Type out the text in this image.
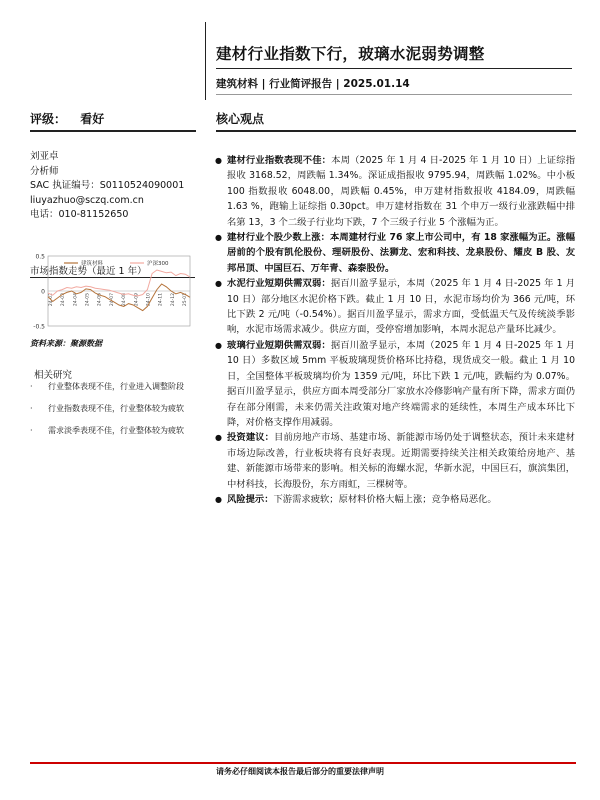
建材行业指数下行，玻璃水泥弱势调整
建筑材料 | 行业简评报告 | 2025.01.14
评级： 看好	核心观点
刘亚卓
分析师
SAC 执证编号：S0110524090001
liuyazhuo@sczq.com.cn
电话：010-81152650
市场指数走势（最近 1 年）
0.5
0
-0.5
24-02 24-03 24-04 24-05 24-06 24-07 24-08 24-09 24-10 24-11 24-12 25-01
建筑材料	沪深300
资料来源：聚源数据
相关研究
·	行业整体表现不佳，行业进入调整阶段
·	行业指数表现不佳，行业整体较为疲软
·	需求淡季表现不佳，行业整体较为疲软
● 建材行业指数表现不佳：本周（2025 年 1 月 4 日-2025 年 1 月 10 日）上证综指报收 3168.52，周跌幅 1.34%。深证成指报收 9795.94，周跌幅 1.02%。中小板 100 指数报收 6048.00，周跌幅 0.45%，申万建材指数报收 4184.09，周跌幅 1.63 %，跑输上证综指 0.30pct。申万建材指数在 31 个申万一级行业涨跌幅中排名第 13，3 个二级子行业均下跌，7 个三级子行业 5 个涨幅为正。
● 建材行业个股少数上涨：本周建材行业 76 家上市公司中，有 18 家涨幅为正。涨幅居前的个股有凯伦股份、理研股份、法狮龙、宏和科技、龙泉股份、耀皮 B 股、友邦吊顶、中国巨石、万年青、森泰股份。
● 水泥行业短期供需双弱：据百川盈孚显示，本周（2025 年 1 月 4 日-2025 年 1 月 10 日）部分地区水泥价格下跌。截止 1 月 10 日，水泥市场均价为 366 元/吨，环比下跌 2 元/吨（-0.54%）。据百川盈孚显示，需求方面，受低温天气及传统淡季影响，水泥市场需求减少。供应方面，受停窑增加影响，本周水泥总产量环比减少。
● 玻璃行业短期供需双弱：据百川盈孚显示，本周（2025 年 1 月 4 日-2025 年 1 月 10 日）多数区域 5mm 平板玻璃现货价格环比持稳，现货成交一般。截止 1 月 10 日，全国整体平板玻璃均价为 1359 元/吨，环比下跌 1 元/吨，跌幅约为 0.07%。据百川盈孚显示，供应方面本周受部分厂家放水冷修影响产量有所下降，需求方面仍存在部分刚需，未来仍需关注政策对地产终端需求的延续性，本周生产成本环比下降，对价格支撑作用减弱。
● 投资建议：目前房地产市场、基建市场、新能源市场仍处于调整状态，预计未来建材市场边际改善，行业板块将有良好表现。近期需要持续关注相关政策给房地产、基建、新能源市场带来的影响。相关标的海螺水泥，华新水泥，中国巨石，旗滨集团，中材科技，长海股份，东方雨虹，三棵树等。
● 风险提示：下游需求疲软；原材料价格大幅上涨；竞争格局恶化。
请务必仔细阅读本报告最后部分的重要法律声明
